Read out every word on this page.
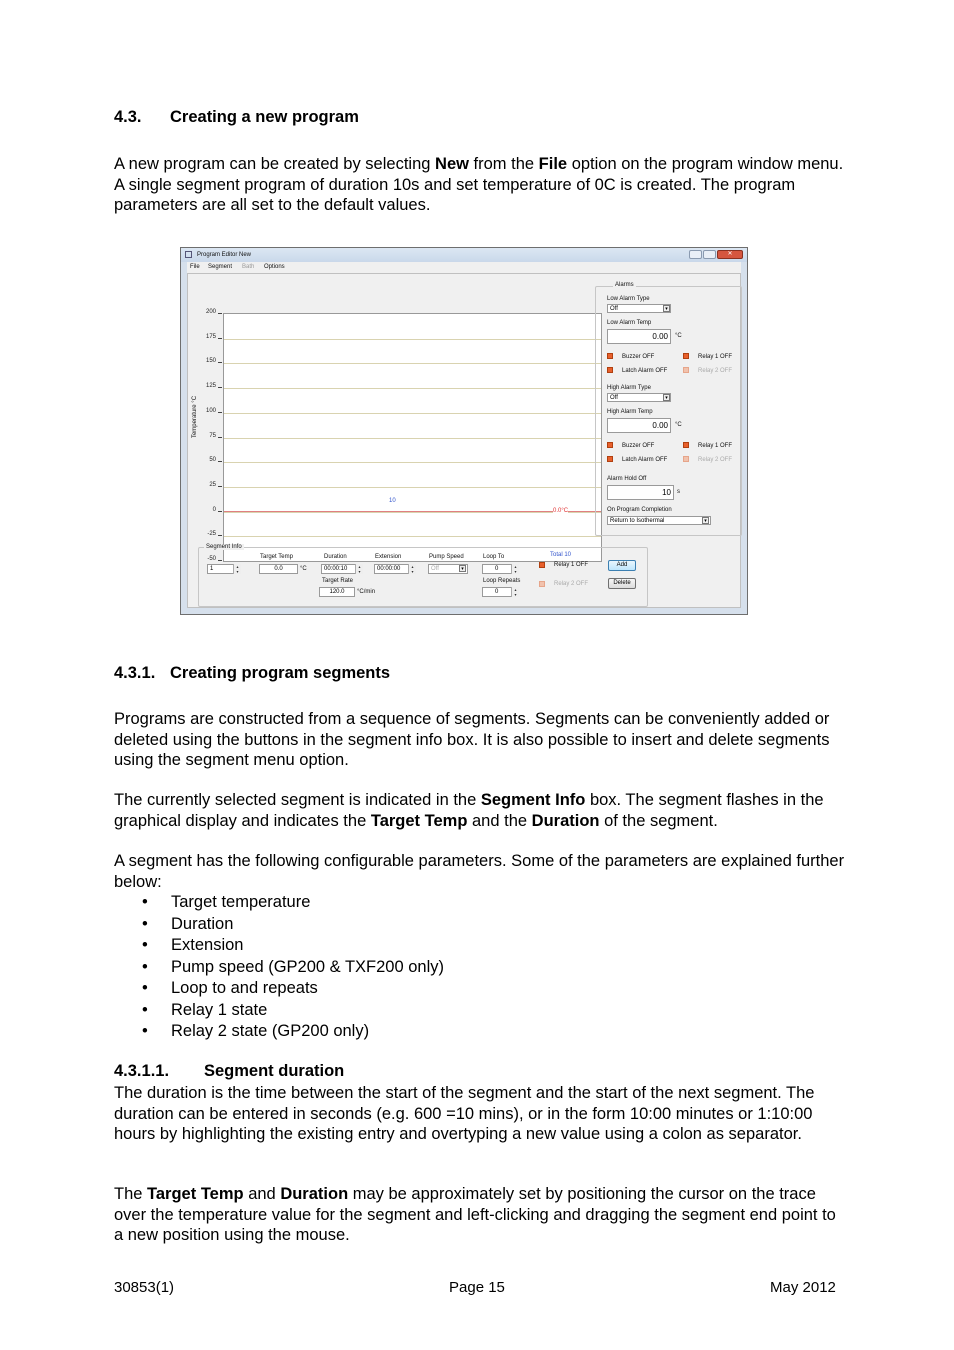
4.3. Creating a new program
A new program can be created by selecting New from the File option on the program window menu. A single segment program of duration 10s and set temperature of 0C is created. The program parameters are all set to the default values.
Program Editor New	✕
File Segment Bath Options
Temperature °C
200
175
150
125
100
75
50
25
0
-25
-50
10
0.0°C
Total 10
Alarms
Low Alarm Type
Off	▾
Low Alarm Temp
0.00	°C
Buzzer OFF	Relay 1 OFF
Latch Alarm OFF	Relay 2 OFF
High Alarm Type
Off	▾
High Alarm Temp
0.00	°C
Buzzer OFF	Relay 1 OFF
Latch Alarm OFF	Relay 2 OFF
Alarm Hold Off
10	s
On Program Completion
Return to Isothermal	▾
Segment Info
1	▴
▾
Target Temp
0.0	°C
Duration
00:00:10	▴
▾
Target Rate
120.0	°C/min
Extension
00:00:00	▴
▾
Pump Speed
Off	▾
Loop To
0	▴
▾
Loop Repeats
0	▴
▾
Relay 1 OFF
Relay 2 OFF
Add
Delete
4.3.1. Creating program segments
Programs are constructed from a sequence of segments. Segments can be conveniently added or deleted using the buttons in the segment info box. It is also possible to insert and delete segments using the segment menu option.
The currently selected segment is indicated in the Segment Info box. The segment flashes in the graphical display and indicates the Target Temp and the Duration of the segment.
A segment has the following configurable parameters. Some of the parameters are explained further below:
• Target temperature
• Duration
• Extension
• Pump speed (GP200 & TXF200 only)
• Loop to and repeats
• Relay 1 state
• Relay 2 state (GP200 only)
4.3.1.1. Segment duration
The duration is the time between the start of the segment and the start of the next segment. The duration can be entered in seconds (e.g. 600 =10 mins), or in the form 10:00 minutes or 1:10:00 hours by highlighting the existing entry and overtyping a new value using a colon as separator.
The Target Temp and Duration may be approximately set by positioning the cursor on the trace over the temperature value for the segment and left-clicking and dragging the segment end point to a new position using the mouse.
30853(1)	Page 15	May 2012
